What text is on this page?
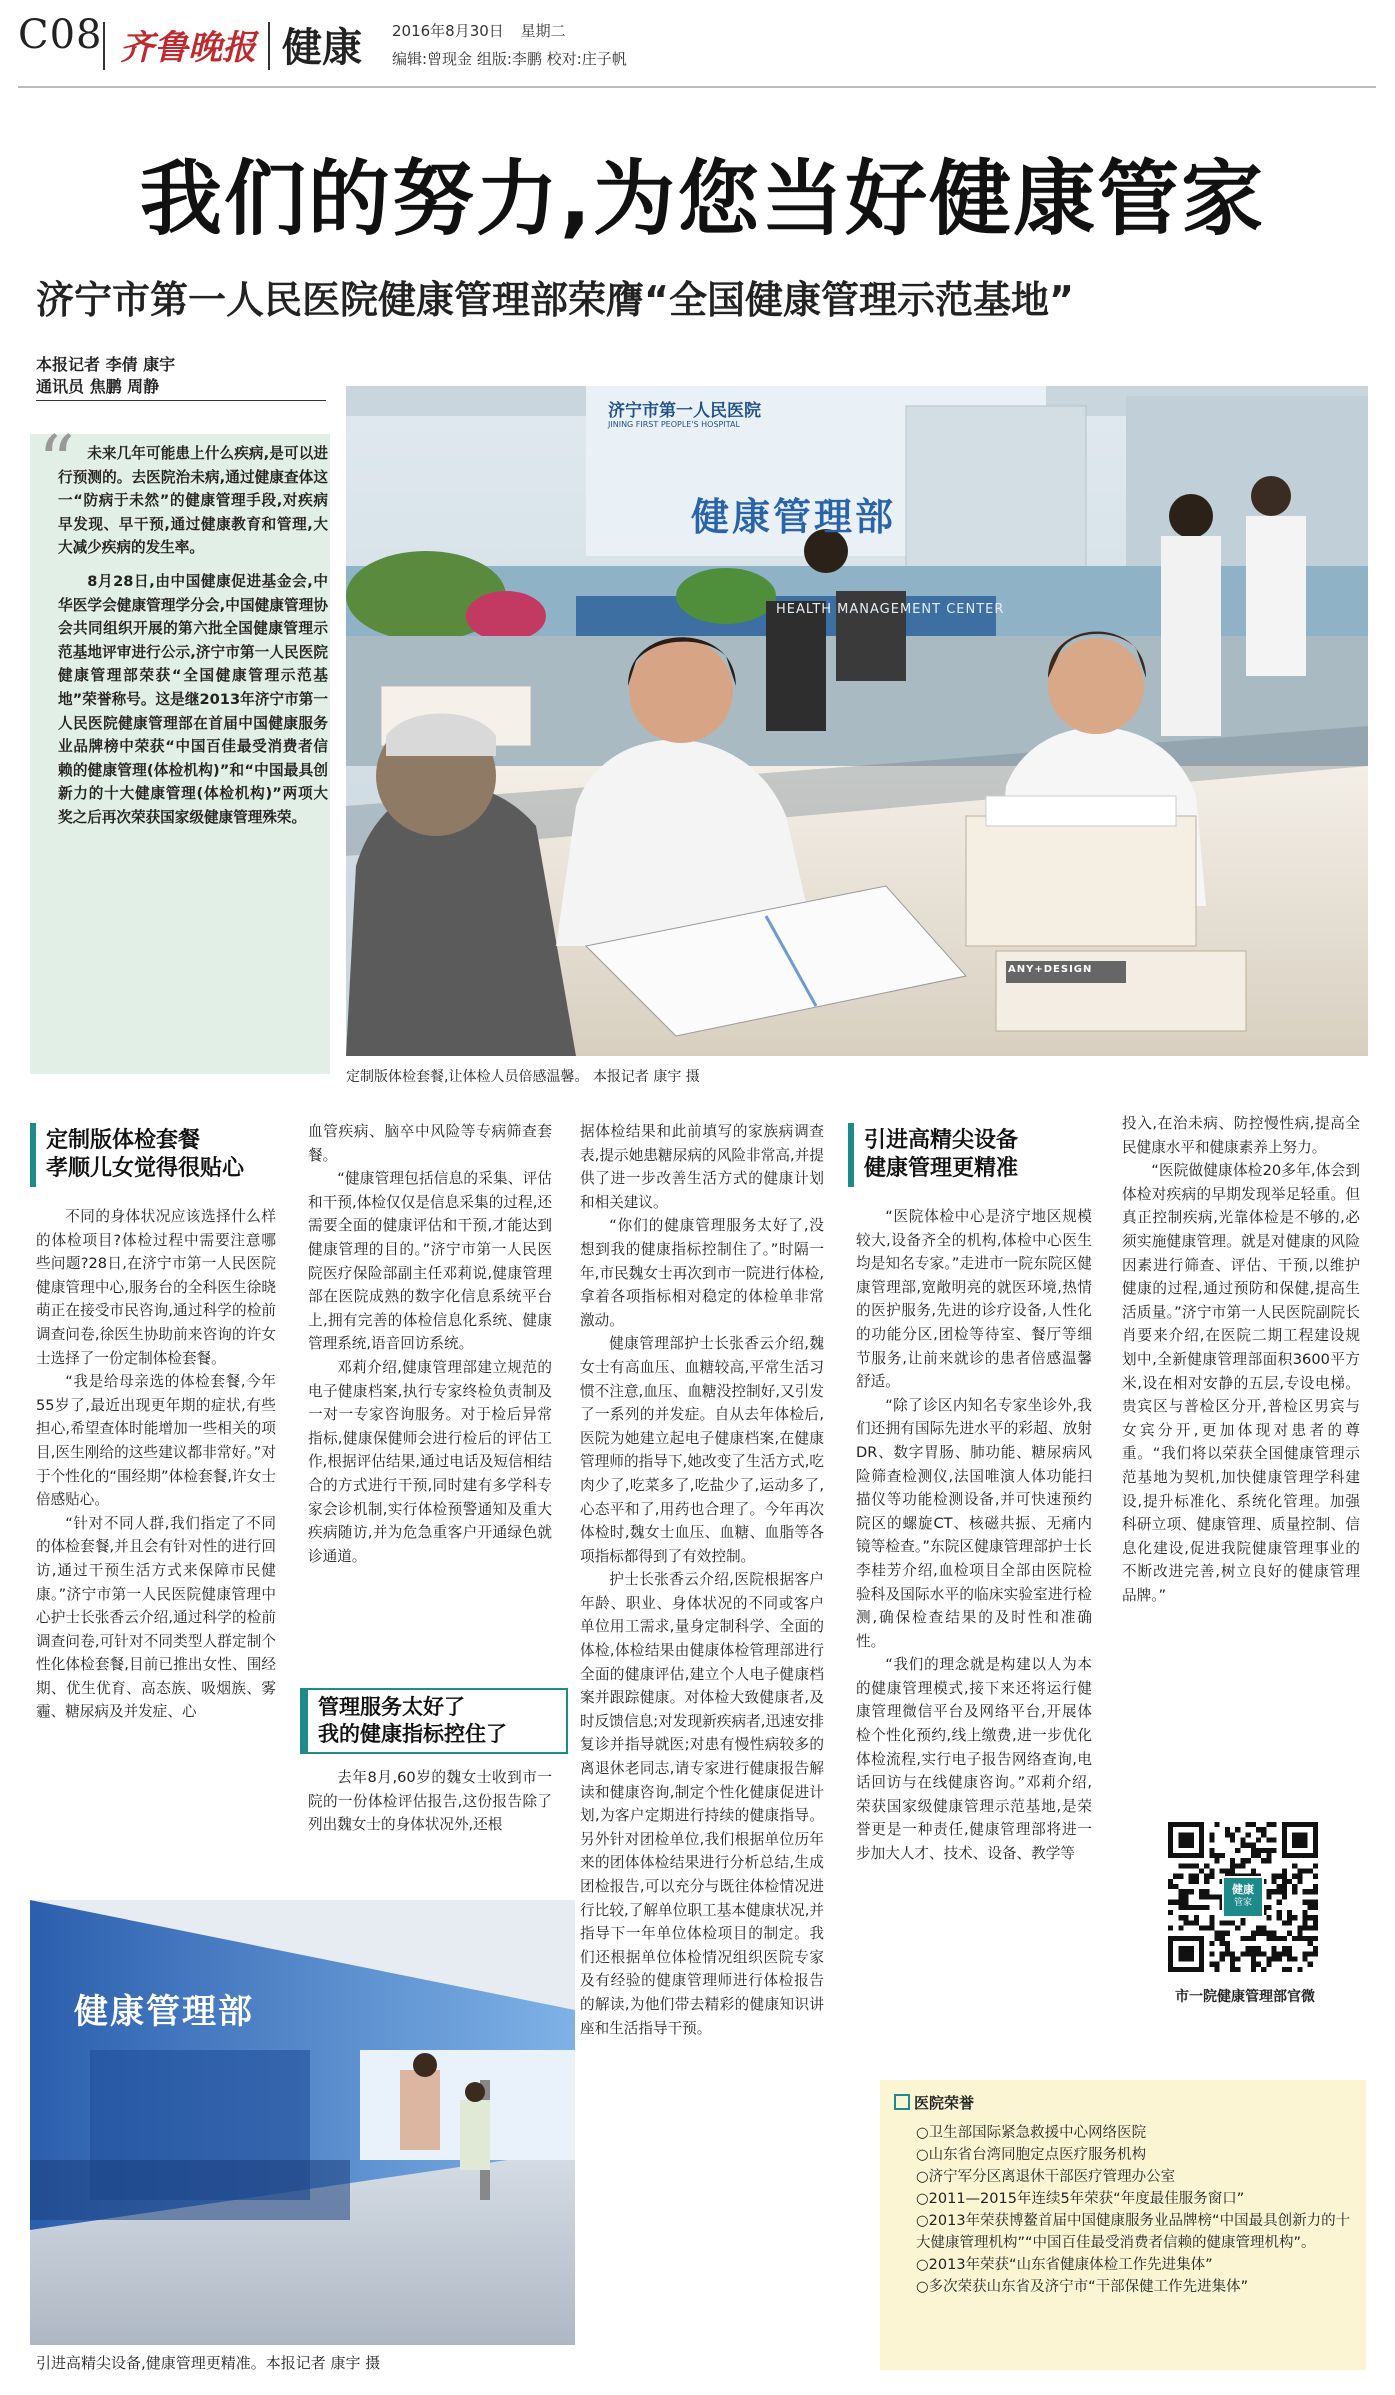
C08 齐鲁晚报 健康 2016年8月30日 星期二
编辑:曾现金 组版:李鹏 校对:庄子帆
我们的努力,为您当好健康管家
济宁市第一人民医院健康管理部荣膺“全国健康管理示范基地”
本报记者 李倩 康宇
通讯员 焦鹏 周静
“ 未来几年可能患上什么疾病,是可以进行预测的。去医院治未病,通过健康查体这一“防病于未然”的健康管理手段,对疾病早发现、早干预,通过健康教育和管理,大大减少疾病的发生率。

8月28日,由中国健康促进基金会,中华医学会健康管理学分会,中国健康管理协会共同组织开展的第六批全国健康管理示范基地评审进行公示,济宁市第一人民医院健康管理部荣获“全国健康管理示范基地”荣誉称号。这是继2013年济宁市第一人民医院健康管理部在首届中国健康服务业品牌榜中荣获“中国百佳最受消费者信赖的健康管理(体检机构)”和“中国最具创新力的十大健康管理(体检机构)”两项大奖之后再次荣获国家级健康管理殊荣。

济宁市第一人民医院
JINING FIRST PEOPLE'S HOSPITAL
健康管理部
HEALTH MANAGEMENT CENTER
ANY+DESIGN
定制版体检套餐,让体检人员倍感温馨。 本报记者 康宇 摄
定制版体检套餐
孝顺儿女觉得很贴心

不同的身体状况应该选择什么样的体检项目?体检过程中需要注意哪些问题?28日,在济宁市第一人民医院健康管理中心,服务台的全科医生徐晓萌正在接受市民咨询,通过科学的检前调查问卷,徐医生协助前来咨询的许女士选择了一份定制体检套餐。

“我是给母亲选的体检套餐,今年55岁了,最近出现更年期的症状,有些担心,希望查体时能增加一些相关的项目,医生刚给的这些建议都非常好。”对于个性化的“围经期”体检套餐,许女士倍感贴心。

“针对不同人群,我们指定了不同的体检套餐,并且会有针对性的进行回访,通过干预生活方式来保障市民健康。”济宁市第一人民医院健康管理中心护士长张香云介绍,通过科学的检前调查问卷,可针对不同类型人群定制个性化体检套餐,目前已推出女性、围经期、优生优育、高态族、吸烟族、雾霾、糖尿病及并发症、心

血管疾病、脑卒中风险等专病筛查套餐。

“健康管理包括信息的采集、评估和干预,体检仅仅是信息采集的过程,还需要全面的健康评估和干预,才能达到健康管理的目的。”济宁市第一人民医院医疗保险部副主任邓莉说,健康管理部在医院成熟的数字化信息系统平台上,拥有完善的体检信息化系统、健康管理系统,语音回访系统。

邓莉介绍,健康管理部建立规范的电子健康档案,执行专家终检负责制及一对一专家咨询服务。对于检后异常指标,健康保健师会进行检后的评估工作,根据评估结果,通过电话及短信相结合的方式进行干预,同时建有多学科专家会诊机制,实行体检预警通知及重大疾病随访,并为危急重客户开通绿色就诊通道。

管理服务太好了
我的健康指标控住了

去年8月,60岁的魏女士收到市一院的一份体检评估报告,这份报告除了列出魏女士的身体状况外,还根

健康管理部
引进高精尖设备,健康管理更精准。本报记者 康宇 摄

据体检结果和此前填写的家族病调查表,提示她患糖尿病的风险非常高,并提供了进一步改善生活方式的健康计划和相关建议。

“你们的健康管理服务太好了,没想到我的健康指标控制住了。”时隔一年,市民魏女士再次到市一院进行体检,拿着各项指标相对稳定的体检单非常激动。

健康管理部护士长张香云介绍,魏女士有高血压、血糖较高,平常生活习惯不注意,血压、血糖没控制好,又引发了一系列的并发症。自从去年体检后,医院为她建立起电子健康档案,在健康管理师的指导下,她改变了生活方式,吃肉少了,吃菜多了,吃盐少了,运动多了,心态平和了,用药也合理了。今年再次体检时,魏女士血压、血糖、血脂等各项指标都得到了有效控制。

护士长张香云介绍,医院根据客户年龄、职业、身体状况的不同或客户单位用工需求,量身定制科学、全面的体检,体检结果由健康体检管理部进行全面的健康评估,建立个人电子健康档案并跟踪健康。对体检大致健康者,及时反馈信息;对发现新疾病者,迅速安排复诊并指导就医;对患有慢性病较多的离退休老同志,请专家进行健康报告解读和健康咨询,制定个性化健康促进计划,为客户定期进行持续的健康指导。另外针对团检单位,我们根据单位历年来的团体体检结果进行分析总结,生成团检报告,可以充分与既往体检情况进行比较,了解单位职工基本健康状况,并指导下一年单位体检项目的制定。我们还根据单位体检情况组织医院专家及有经验的健康管理师进行体检报告的解读,为他们带去精彩的健康知识讲座和生活指导干预。

引进高精尖设备
健康管理更精准

“医院体检中心是济宁地区规模较大,设备齐全的机构,体检中心医生均是知名专家。”走进市一院东院区健康管理部,宽敞明亮的就医环境,热情的医护服务,先进的诊疗设备,人性化的功能分区,团检等待室、餐厅等细节服务,让前来就诊的患者倍感温馨舒适。

“除了诊区内知名专家坐诊外,我们还拥有国际先进水平的彩超、放射DR、数字胃肠、肺功能、糖尿病风险筛查检测仪,法国唯演人体功能扫描仪等功能检测设备,并可快速预约院区的螺旋CT、核磁共振、无痛内镜等检查。”东院区健康管理部护士长李桂芳介绍,血检项目全部由医院检验科及国际水平的临床实验室进行检测,确保检查结果的及时性和准确性。

“我们的理念就是构建以人为本的健康管理模式,接下来还将运行健康管理微信平台及网络平台,开展体检个性化预约,线上缴费,进一步优化体检流程,实行电子报告网络查询,电话回访与在线健康咨询。”邓莉介绍,荣获国家级健康管理示范基地,是荣誉更是一种责任,健康管理部将进一步加大人才、技术、设备、教学等

投入,在治未病、防控慢性病,提高全民健康水平和健康素养上努力。

“医院做健康体检20多年,体会到体检对疾病的早期发现举足轻重。但真正控制疾病,光靠体检是不够的,必须实施健康管理。就是对健康的风险因素进行筛查、评估、干预,以维护健康的过程,通过预防和保健,提高生活质量。”济宁市第一人民医院副院长肖要来介绍,在医院二期工程建设规划中,全新健康管理部面积3600平方米,设在相对安静的五层,专设电梯。贵宾区与普检区分开,普检区男宾与女宾分开,更加体现对患者的尊重。“我们将以荣获全国健康管理示范基地为契机,加快健康管理学科建设,提升标准化、系统化管理。加强科研立项、健康管理、质量控制、信息化建设,促进我院健康管理事业的不断改进完善,树立良好的健康管理品牌。”

健康
管家
市一院健康管理部官微
医院荣誉
○卫生部国际紧急救援中心网络医院
○山东省台湾同胞定点医疗服务机构
○济宁军分区离退休干部医疗管理办公室
○2011—2015年连续5年荣获“年度最佳服务窗口”
○2013年荣获博鳌首届中国健康服务业品牌榜“中国最具创新力的十大健康管理机构”“中国百佳最受消费者信赖的健康管理机构”。
○2013年荣获“山东省健康体检工作先进集体”
○多次荣获山东省及济宁市“干部保健工作先进集体”
